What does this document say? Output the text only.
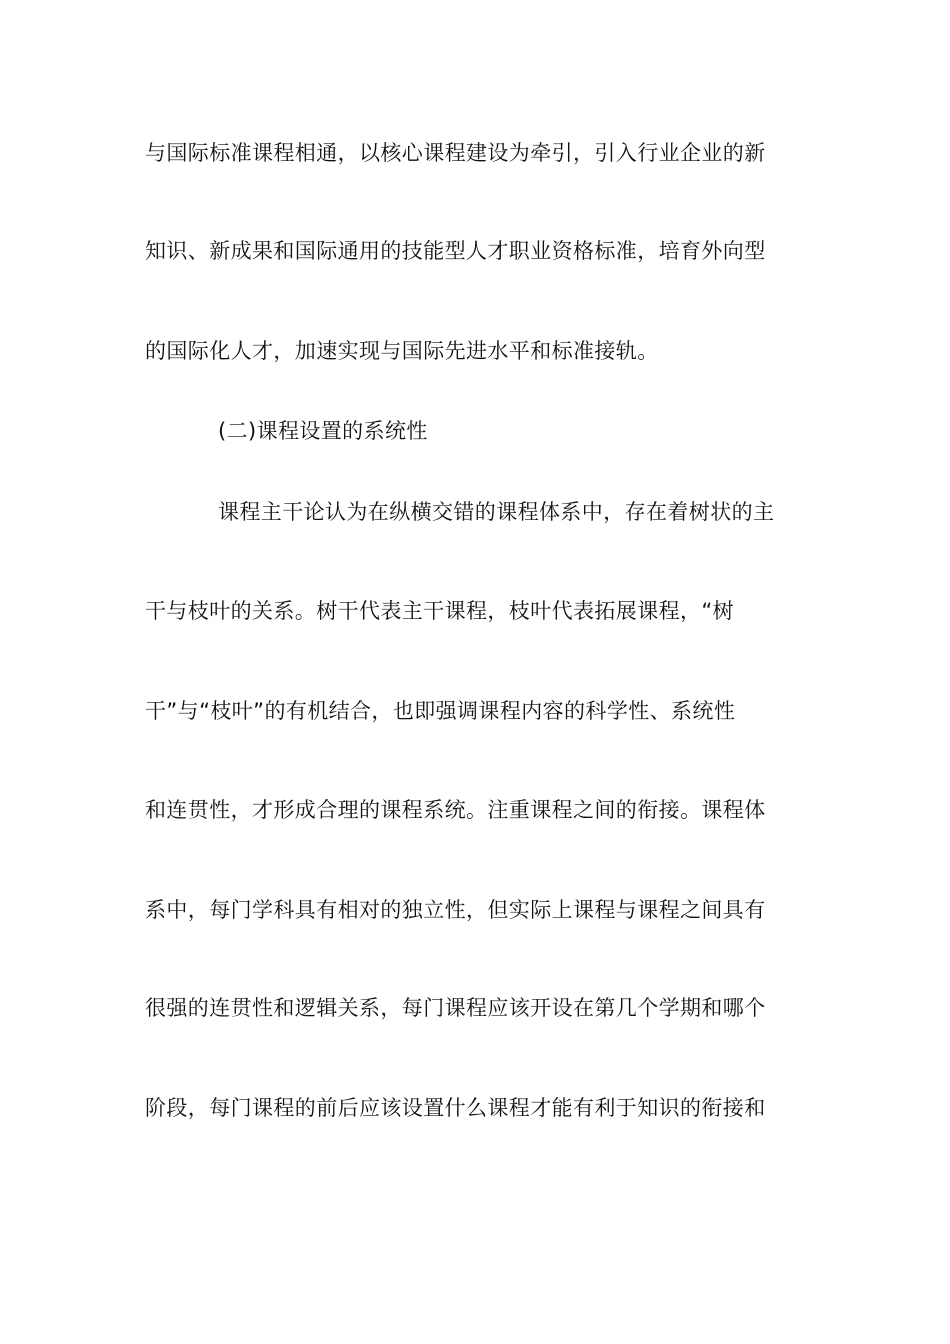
与国际标准课程相通，以核心课程建设为牵引，引入行业企业的新
知识、新成果和国际通用的技能型人才职业资格标准，培育外向型
的国际化人才，加速实现与国际先进水平和标准接轨。
(二)课程设置的系统性
课程主干论认为在纵横交错的课程体系中，存在着树状的主
干与枝叶的关系。树干代表主干课程，枝叶代表拓展课程，“树
干”与“枝叶”的有机结合，也即强调课程内容的科学性、系统性
和连贯性，才形成合理的课程系统。注重课程之间的衔接。课程体
系中，每门学科具有相对的独立性，但实际上课程与课程之间具有
很强的连贯性和逻辑关系，每门课程应该开设在第几个学期和哪个
阶段，每门课程的前后应该设置什么课程才能有利于知识的衔接和
